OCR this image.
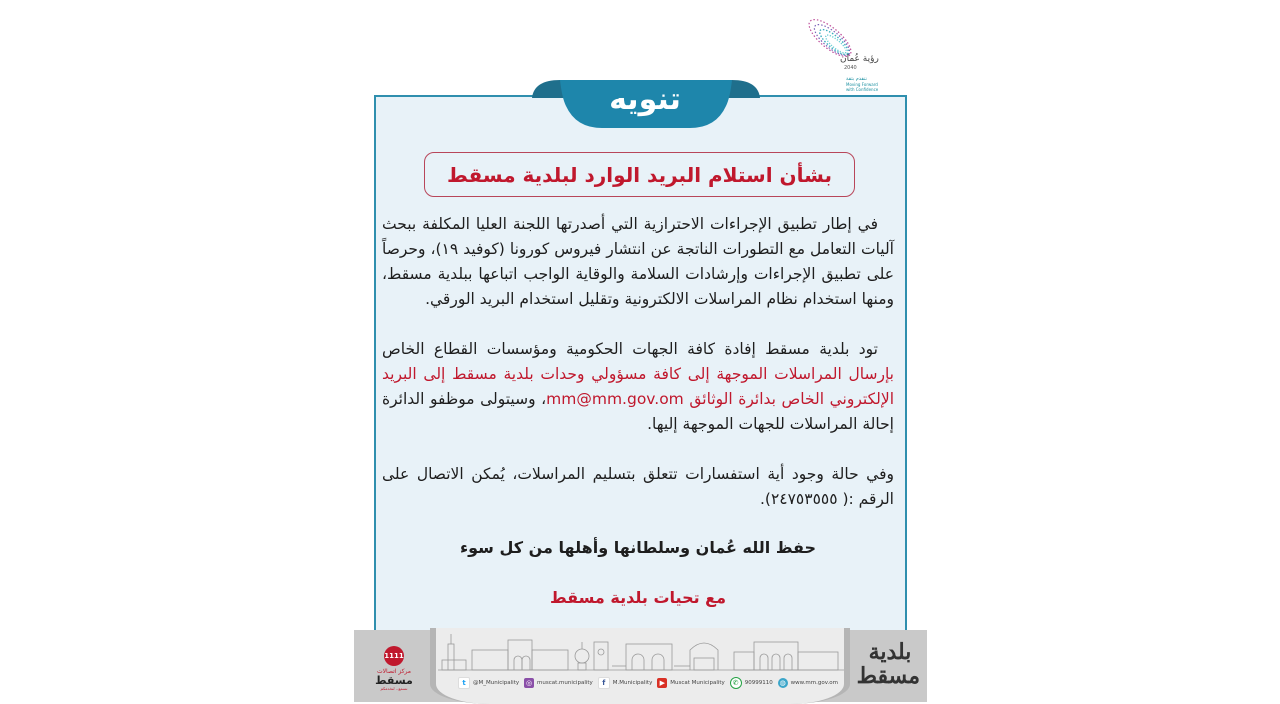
رؤية عُمان
2040
نتقدم بثقة
Moving Forward
with Confidence
تنويه
بشأن استلام البريد الوارد لبلدية مسقط
في إطار تطبيق الإجراءات الاحترازية التي أصدرتها اللجنة العليا المكلفة ببحث آليات التعامل مع التطورات الناتجة عن انتشار فيروس كورونا (كوفيد ١٩)، وحرصاً على تطبيق الإجراءات وإرشادات السلامة والوقاية الواجب اتباعها ببلدية مسقط، ومنها استخدام نظام المراسلات الالكترونية وتقليل استخدام البريد الورقي.
تود بلدية مسقط إفادة كافة الجهات الحكومية ومؤسسات القطاع الخاص بإرسال المراسلات الموجهة إلى كافة مسؤولي وحدات بلدية مسقط إلى البريد الإلكتروني الخاص بدائرة الوثائق mm@mm.gov.om، وسيتولى موظفو الدائرة إحالة المراسلات للجهات الموجهة إليها.
وفي حالة وجود أية استفسارات تتعلق بتسليم المراسلات، يُمكن الاتصال على الرقم :( ٢٤٧٥٣٥٥٥).
حفظ الله عُمان وسلطانها وأهلها من كل سوء
مع تحيات بلدية مسقط
1111
مركز اتصالات
مسقط
نسمع.. لنخدمكم
t	@M_Municipality ◎ muscat.municipality	f	M.Municipality	▶ Muscat Municipality	✆	90999110 ◍ www.mm.gov.om
بلدية مسقط
